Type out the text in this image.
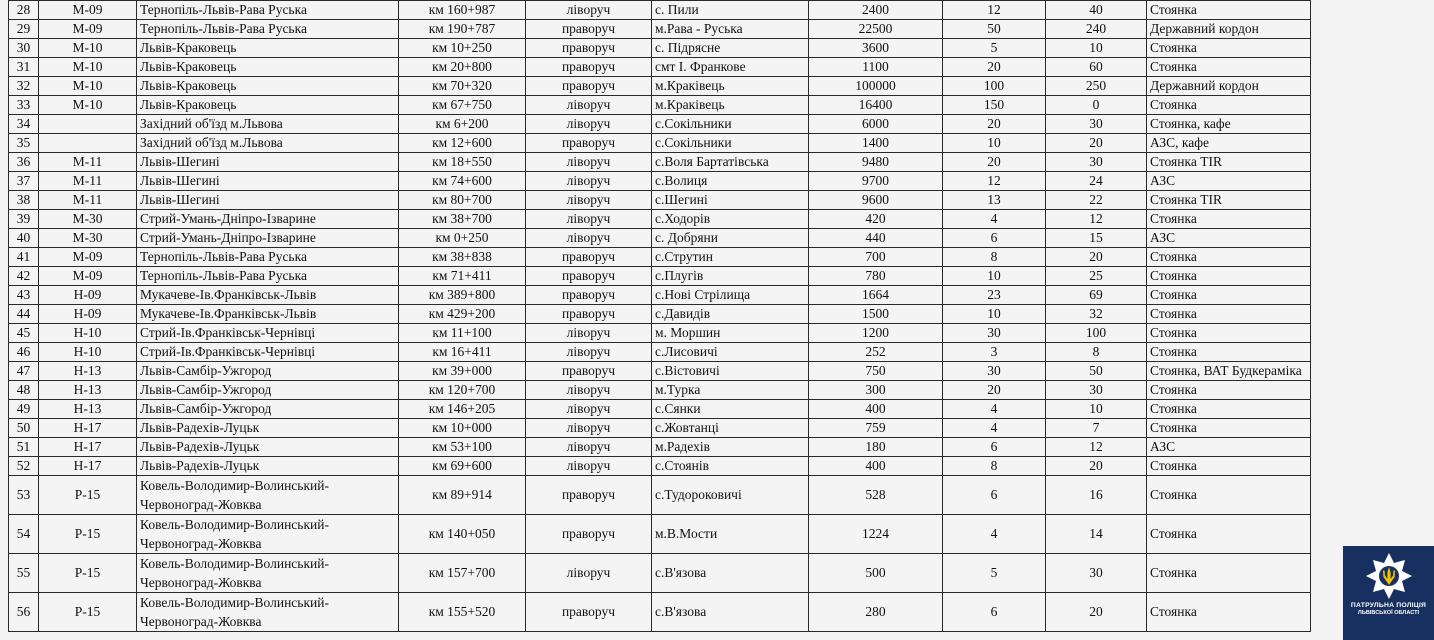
28	М-09	Тернопіль-Львів-Рава Руська	км 160+987	ліворуч	с. Пили	2400	12	40	Стоянка
29	М-09	Тернопіль-Львів-Рава Руська	км 190+787	праворуч	м.Рава - Руська	22500	50	240	Державний кордон
30	М-10	Львів-Краковець	км 10+250	праворуч	с. Підрясне	3600	5	10	Стоянка
31	М-10	Львів-Краковець	км 20+800	праворуч	смт І. Франкове	1100	20	60	Стоянка
32	М-10	Львів-Краковець	км 70+320	праворуч	м.Краківець	100000	100	250	Державний кордон
33	М-10	Львів-Краковець	км 67+750	ліворуч	м.Краківець	16400	150	0	Стоянка
34		Західний об'їзд м.Львова	км 6+200	ліворуч	с.Сокільники	6000	20	30	Стоянка, кафе
35		Західний об'їзд м.Львова	км 12+600	праворуч	с.Сокільники	1400	10	20	АЗС, кафе
36	М-11	Львів-Шегині	км 18+550	ліворуч	с.Воля Бартатівська	9480	20	30	Стоянка TIR
37	М-11	Львів-Шегині	км 74+600	ліворуч	с.Волиця	9700	12	24	АЗС
38	М-11	Львів-Шегині	км 80+700	ліворуч	с.Шегині	9600	13	22	Стоянка TIR
39	М-30	Стрий-Умань-Дніпро-Ізварине	км 38+700	ліворуч	с.Ходорів	420	4	12	Стоянка
40	М-30	Стрий-Умань-Дніпро-Ізварине	км 0+250	ліворуч	с. Добряни	440	6	15	АЗС
41	М-09	Тернопіль-Львів-Рава Руська	км 38+838	праворуч	с.Струтин	700	8	20	Стоянка
42	М-09	Тернопіль-Львів-Рава Руська	км 71+411	праворуч	с.Плугів	780	10	25	Стоянка
43	Н-09	Мукачеве-Ів.Франківськ-Львів	км 389+800	праворуч	с.Нові Стрілища	1664	23	69	Стоянка
44	Н-09	Мукачеве-Ів.Франківськ-Львів	км 429+200	праворуч	с.Давидів	1500	10	32	Стоянка
45	Н-10	Стрий-Ів.Франківськ-Чернівці	км 11+100	ліворуч	м. Моршин	1200	30	100	Стоянка
46	Н-10	Стрий-Ів.Франківськ-Чернівці	км 16+411	ліворуч	с.Лисовичі	252	3	8	Стоянка
47	Н-13	Львів-Самбір-Ужгород	км 39+000	праворуч	с.Вістовичі	750	30	50	Стоянка, ВАТ Будкераміка
48	Н-13	Львів-Самбір-Ужгород	км 120+700	ліворуч	м.Турка	300	20	30	Стоянка
49	Н-13	Львів-Самбір-Ужгород	км 146+205	ліворуч	с.Сянки	400	4	10	Стоянка
50	Н-17	Львів-Радехів-Луцьк	км 10+000	ліворуч	с.Жовтанці	759	4	7	Стоянка
51	Н-17	Львів-Радехів-Луцьк	км 53+100	ліворуч	м.Радехів	180	6	12	АЗС
52	Н-17	Львів-Радехів-Луцьк	км 69+600	ліворуч	с.Стоянів	400	8	20	Стоянка
53	Р-15	Ковель-Володимир-Волинський-Червоноград-Жовква	км 89+914	праворуч	с.Тудороковичі	528	6	16	Стоянка
54	Р-15	Ковель-Володимир-Волинський-Червоноград-Жовква	км 140+050	праворуч	м.В.Мости	1224	4	14	Стоянка
55	Р-15	Ковель-Володимир-Волинський-Червоноград-Жовква	км 157+700	ліворуч	с.В'язова	500	5	30	Стоянка
56	Р-15	Ковель-Володимир-Волинський-Червоноград-Жовква	км 155+520	праворуч	с.В'язова	280	6	20	Стоянка	ПАТРУЛЬНА ПОЛІЦІЯ
ЛЬВІВСЬКОЇ ОБЛАСТІ
